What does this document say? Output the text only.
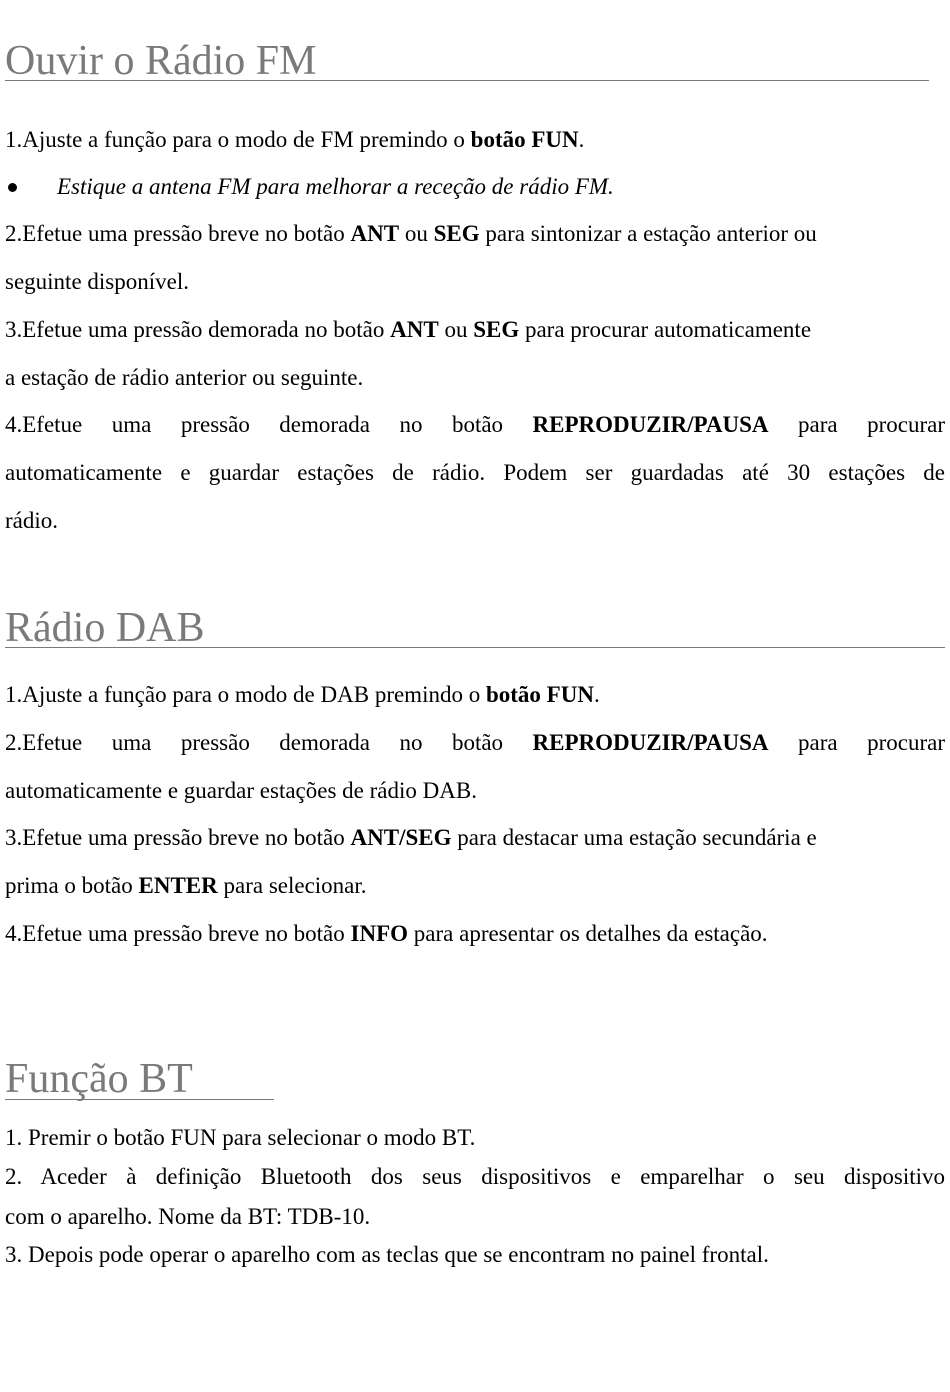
Ouvir o Rádio FM
1.Ajuste a função para o modo de FM premindo o botão FUN.
Estique a antena FM para melhorar a receção de rádio FM.
2.Efetue uma pressão breve no botão ANT ou SEG para sintonizar a estação anterior ou
seguinte disponível.
3.Efetue uma pressão demorada no botão ANT ou SEG para procurar automaticamente
a estação de rádio anterior ou seguinte.
4.Efetue uma pressão demorada no botão REPRODUZIR/PAUSA para procurar
automaticamente e guardar estações de rádio. Podem ser guardadas até 30 estações de
rádio.
Rádio DAB
1.Ajuste a função para o modo de DAB premindo o botão FUN.
2.Efetue uma pressão demorada no botão REPRODUZIR/PAUSA para procurar
automaticamente e guardar estações de rádio DAB.
3.Efetue uma pressão breve no botão ANT/SEG para destacar uma estação secundária e
prima o botão ENTER para selecionar.
4.Efetue uma pressão breve no botão INFO para apresentar os detalhes da estação.
Função BT
1. Premir o botão FUN para selecionar o modo BT.
2. Aceder à definição Bluetooth dos seus dispositivos e emparelhar o seu dispositivo
com o aparelho. Nome da BT: TDB-10.
3. Depois pode operar o aparelho com as teclas que se encontram no painel frontal.
